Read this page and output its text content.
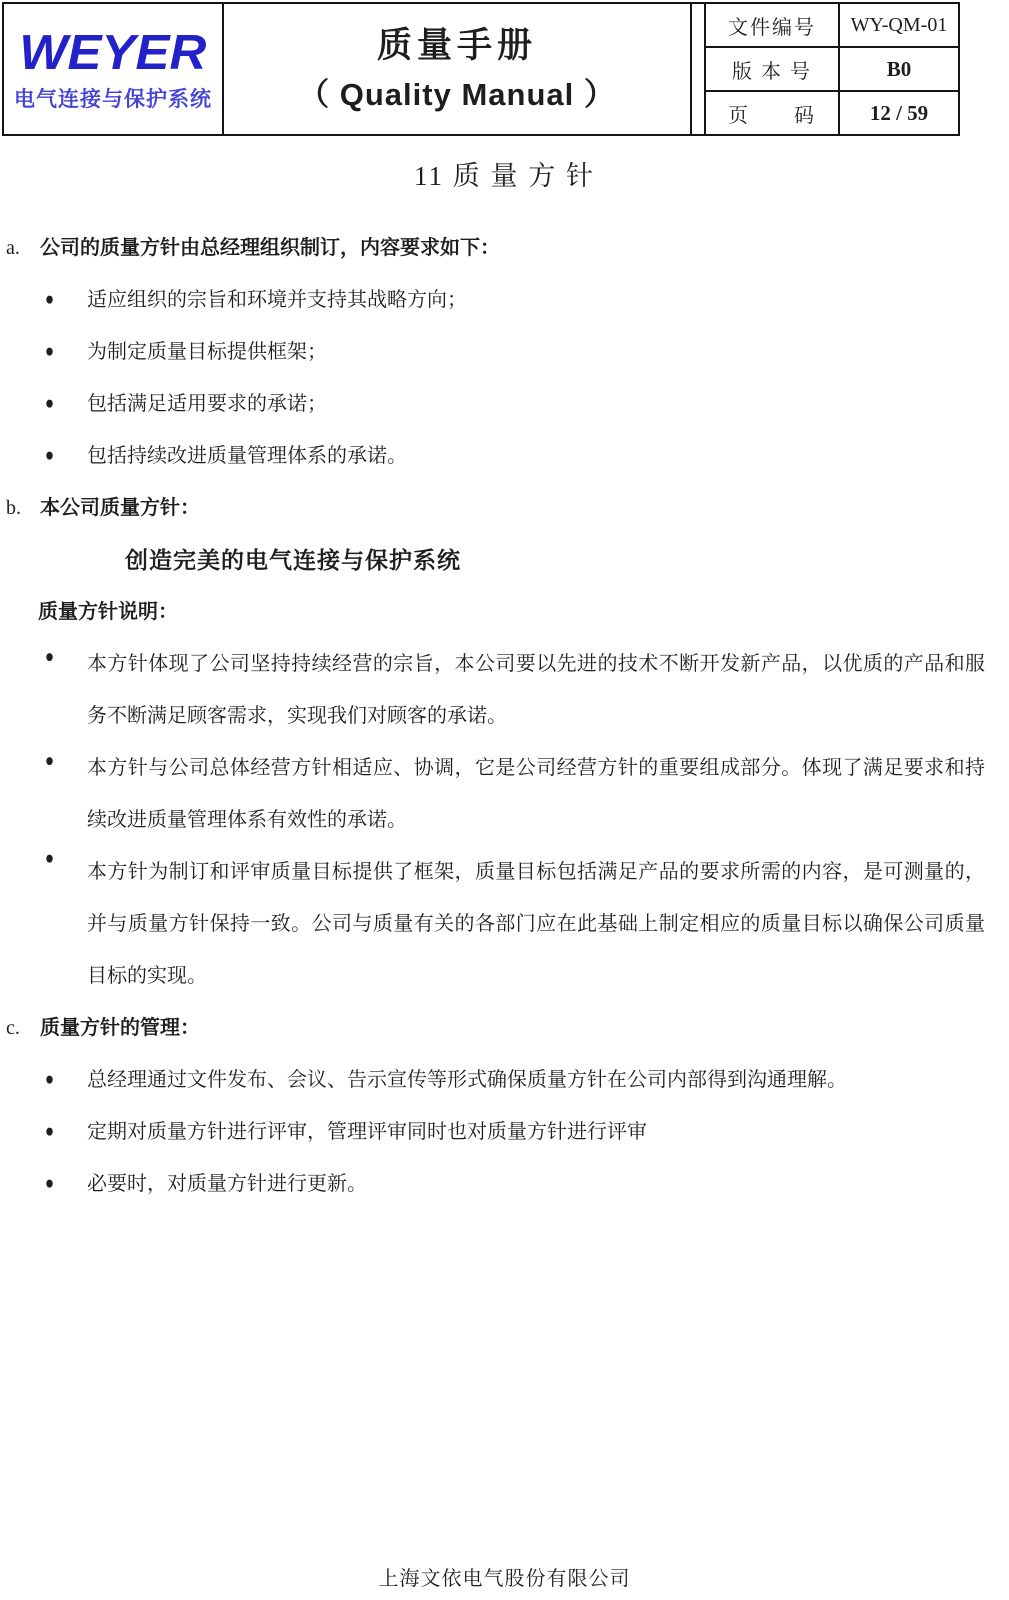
WEYER
电气连接与保护系统
质量手册
（ Quality Manual ）
文件编号	WY-QM-01
版 本 号	B0
页　　码	12 / 59
11 质 量 方 针
a.	公司的质量方针由总经理组织制订，内容要求如下：
●	适应组织的宗旨和环境并支持其战略方向；
●	为制定质量目标提供框架；
●	包括满足适用要求的承诺；
●	包括持续改进质量管理体系的承诺。
b. 本公司质量方针：
创造完美的电气连接与保护系统
质量方针说明：
●	本方针体现了公司坚持持续经营的宗旨，本公司要以先进的技术不断开发新产品，以优质的产品和服务不断满足顾客需求，实现我们对顾客的承诺。
●	本方针与公司总体经营方针相适应、协调，它是公司经营方针的重要组成部分。体现了满足要求和持续改进质量管理体系有效性的承诺。
●
本方针为制订和评审质量目标提供了框架，质量目标包括满足产品的要求所需的内容，是可测量的，并与质量方针保持一致。公司与质量有关的各部门应在此基础上制定相应的质量目标以确保公司质量目标的实现。
c.	质量方针的管理：
●	总经理通过文件发布、会议、告示宣传等形式确保质量方针在公司内部得到沟通理解。
●	定期对质量方针进行评审，管理评审同时也对质量方针进行评审
●	必要时，对质量方针进行更新。
上海文依电气股份有限公司
